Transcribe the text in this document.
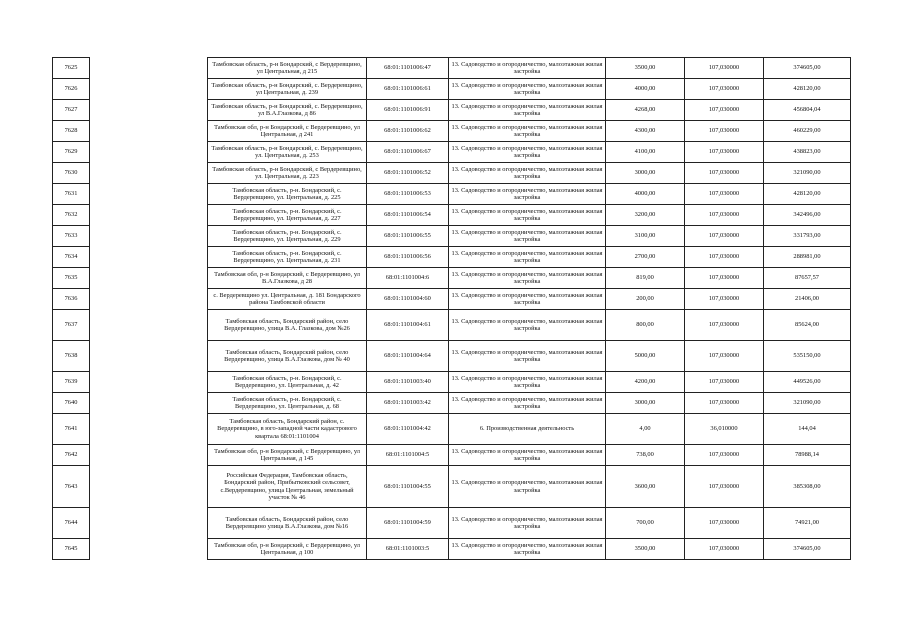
7625		Тамбовская область, р-н Бондарский, с Вердеревщино, ул Центральная, д 215	68:01:1101006:47	13. Садоводство и огородничество, малоэтажная жилая застройка	3500,00	107,030000	374605,00
7626		Тамбовская область, р-н Бондарский, с. Вердеревщино, ул Центральная, д. 239	68:01:1101006:61	13. Садоводство и огородничество, малоэтажная жилая застройка	4000,00	107,030000	428120,00
7627		Тамбовская область, р-н Бондарский, с. Вердеревщино, ул В.А.Глазкова, д 86	68:01:1101006:91	13. Садоводство и огородничество, малоэтажная жилая застройка	4268,00	107,030000	456804,04
7628		Тамбовская обл, р-н Бондарский, с Вердеревщино, ул Центральная, д 241	68:01:1101006:62	13. Садоводство и огородничество, малоэтажная жилая застройка	4300,00	107,030000	460229,00
7629		Тамбовская область, р-н Бондарский, с. Вердеревщино, ул. Центральная, д. 253	68:01:1101006:67	13. Садоводство и огородничество, малоэтажная жилая застройка	4100,00	107,030000	438823,00
7630		Тамбовская область, р-н Бондарский, с Вердеревщино, ул. Центральная, д. 223	68:01:1101006:52	13. Садоводство и огородничество, малоэтажная жилая застройка	3000,00	107,030000	321090,00
7631		Тамбовская область, р-н. Бондарский, с. Вердеревщино, ул. Центральная, д. 225	68:01:1101006:53	13. Садоводство и огородничество, малоэтажная жилая застройка	4000,00	107,030000	428120,00
7632		Тамбовская область, р-н. Бондарский, с. Вердеревщино, ул. Центральная, д. 227	68:01:1101006:54	13. Садоводство и огородничество, малоэтажная жилая застройка	3200,00	107,030000	342496,00
7633		Тамбовская область, р-н. Бондарский, с. Вердеревщино, ул. Центральная, д. 229	68:01:1101006:55	13. Садоводство и огородничество, малоэтажная жилая застройка	3100,00	107,030000	331793,00
7634		Тамбовская область, р-н. Бондарский, с. Вердеревщино, ул. Центральная, д. 231	68:01:1101006:56	13. Садоводство и огородничество, малоэтажная жилая застройка	2700,00	107,030000	288981,00
7635		Тамбовская обл, р-н Бондарский, с Вердеревщино, ул В.А.Глазкова, д 28	68:01:1101004:6	13. Садоводство и огородничество, малоэтажная жилая застройка	819,00	107,030000	87657,57
7636		с. Вердеревщино ул. Центральная, д. 181 Бондарского района Тамбовской области	68:01:1101004:60	13. Садоводство и огородничество, малоэтажная жилая застройка	200,00	107,030000	21406,00
7637		Тамбовская область, Бондарский район, село Вердеревщино, улица В.А. Глазкова, дом №26	68:01:1101004:61	13. Садоводство и огородничество, малоэтажная жилая застройка	800,00	107,030000	85624,00
7638		Тамбовская область, Бондарский район, село Вердеревщино, улица В.А.Глазкова, дом № 40	68:01:1101004:64	13. Садоводство и огородничество, малоэтажная жилая застройка	5000,00	107,030000	535150,00
7639		Тамбовская область, р-н. Бондарский, с. Вердеревщино, ул. Центральная, д. 42	68:01:1101003:40	13. Садоводство и огородничество, малоэтажная жилая застройка	4200,00	107,030000	449526,00
7640		Тамбовская область, р-н. Бондарский, с. Вердеревщино, ул. Центральная, д. 68	68:01:1101003:42	13. Садоводство и огородничество, малоэтажная жилая застройка	3000,00	107,030000	321090,00
7641		Тамбовская область, Бондарский район, с. Вердеревщино, в юго-западной части кадастрового квартала 68:01:1101004	68:01:1101004:42	6. Производственная деятельность	4,00	36,010000	144,04
7642		Тамбовская обл, р-н Бондарский, с Вердеревщино, ул Центральная, д 145	68:01:1101004:5	13. Садоводство и огородничество, малоэтажная жилая застройка	738,00	107,030000	78988,14
7643		Российская Федерация, Тамбовская область, Бондарский район, Прибытковский сельсовет, с.Вердеревщино, улица Центральная, земельный участок № 46	68:01:1101004:55	13. Садоводство и огородничество, малоэтажная жилая застройка	3600,00	107,030000	385308,00
7644		Тамбовская область, Бондарский район, село Вердеревщино улица В.А.Глазкова, дом №16	68:01:1101004:59	13. Садоводство и огородничество, малоэтажная жилая застройка	700,00	107,030000	74921,00
7645		Тамбовская обл, р-н Бондарский, с Вердеревщино, ул Центральная, д 100	68:01:1101003:5	13. Садоводство и огородничество, малоэтажная жилая застройка	3500,00	107,030000	374605,00
